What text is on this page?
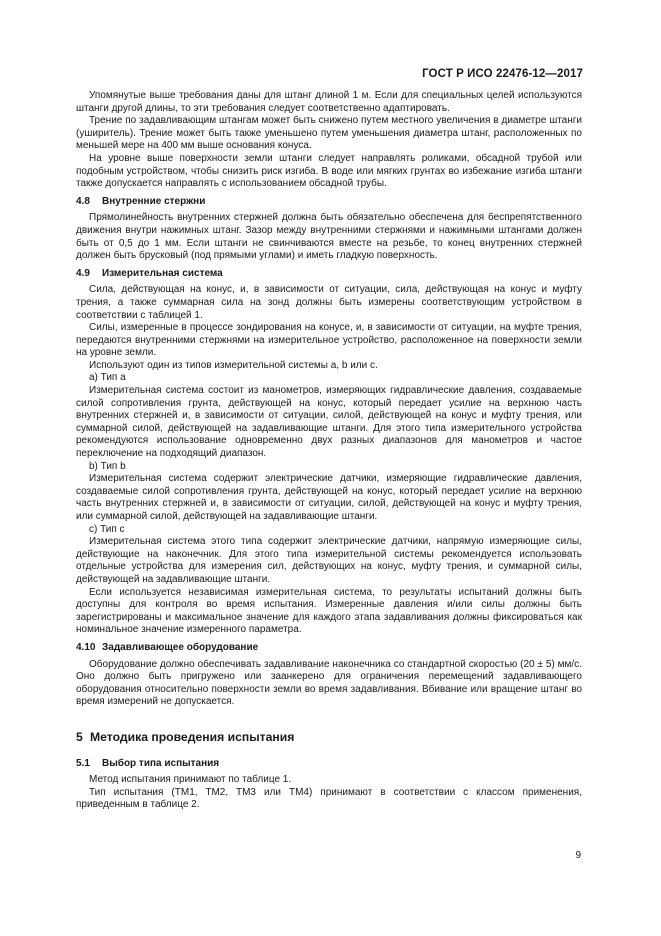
ГОСТ Р ИСО 22476-12—2017

Упомянутые выше требования даны для штанг длиной 1 м. Если для специальных целей используются штанги другой длины, то эти требования следует соответственно адаптировать.

Трение по задавливающим штангам может быть снижено путем местного увеличения в диаметре штанги (уширитель). Трение может быть также уменьшено путем уменьшения диаметра штанг, расположенных по меньшей мере на 400 мм выше основания конуса.

На уровне выше поверхности земли штанги следует направлять роликами, обсадной трубой или подобным устройством, чтобы снизить риск изгиба. В воде или мягких грунтах во избежание изгиба штанги также допускается направлять с использованием обсадной трубы.

4.8 Внутренние стержни

Прямолинейность внутренних стержней должна быть обязательно обеспечена для беспрепятственного движения внутри нажимных штанг. Зазор между внутренними стержнями и нажимными штангами должен быть от 0,5 до 1 мм. Если штанги не свинчиваются вместе на резьбе, то конец внутренних стержней должен быть брусковый (под прямыми углами) и иметь гладкую поверхность.

4.9 Измерительная система

Сила, действующая на конус, и, в зависимости от ситуации, сила, действующая на конус и муфту трения, а также суммарная сила на зонд должны быть измерены соответствующим устройством в соответствии с таблицей 1.

Силы, измеренные в процессе зондирования на конусе, и, в зависимости от ситуации, на муфте трения, передаются внутренними стержнями на измерительное устройство, расположенное на поверхности земли на уровне земли.

Используют один из типов измерительной системы а, b или с.

а) Тип а

Измерительная система состоит из манометров, измеряющих гидравлические давления, создаваемые силой сопротивления грунта, действующей на конус, который передает усилие на верхнюю часть внутренних стержней и, в зависимости от ситуации, силой, действующей на конус и муфту трения, или суммарной силой, действующей на задавливающие штанги. Для этого типа измерительного устройства рекомендуются использование одновременно двух разных диапазонов для манометров и частое переключение на подходящий диапазон.

b) Тип b

Измерительная система содержит электрические датчики, измеряющие гидравлические давления, создаваемые силой сопротивления грунта, действующей на конус, который передает усилие на верхнюю часть внутренних стержней и, в зависимости от ситуации, силой, действующей на конус и муфту трения, или суммарной силой, действующей на задавливающие штанги.

с) Тип с

Измерительная система этого типа содержит электрические датчики, напрямую измеряющие силы, действующие на наконечник. Для этого типа измерительной системы рекомендуется использовать отдельные устройства для измерения сил, действующих на конус, муфту трения, и суммарной силы, действующей на задавливающие штанги.

Если используется независимая измерительная система, то результаты испытаний должны быть доступны для контроля во время испытания. Измеренные давления и/или силы должны быть зарегистрированы и максимальное значение для каждого этапа задавливания должны фиксироваться как номинальное значение измеренного параметра.

4.10 Задавливающее оборудование

Оборудование должно обеспечивать задавливание наконечника со стандартной скоростью (20 ± 5) мм/с. Оно должно быть пригружено или заанкерено для ограничения перемещений задавливающего оборудования относительно поверхности земли во время задавливания. Вбивание или вращение штанг во время измерений не допускается.

5 Методика проведения испытания
5.1 Выбор типа испытания

Метод испытания принимают по таблице 1.

Тип испытания (TM1, TM2, TM3 или TM4) принимают в соответствии с классом применения, приведенным в таблице 2.

9
